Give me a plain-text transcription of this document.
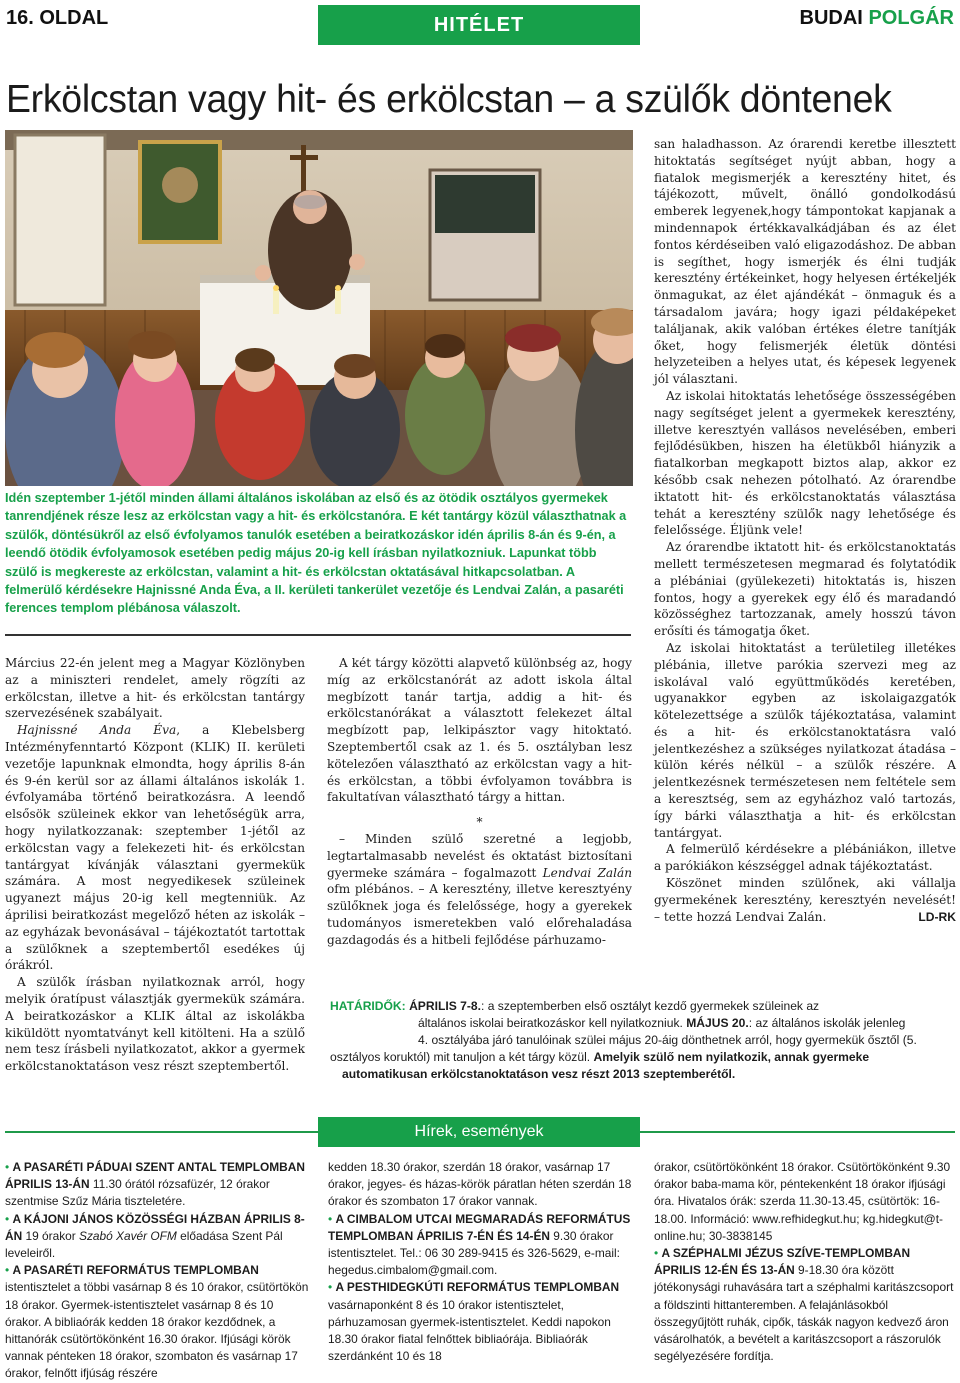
16. OLDAL	HITÉLET	BUDAI POLGÁR
Erkölcstan vagy hit- és erkölcstan – a szülők döntenek
Idén szeptember 1-jétől minden állami általános iskolában az első és az ötödik osztályos gyermekek tanrendjének része lesz az erkölcstan vagy a hit- és erkölcstanóra. E két tantárgy közül választhatnak a szülők, döntésükről az első évfolyamos tanulók esetében a beiratkozáskor idén április 8-án és 9-én, a leendő ötödik évfolyamosok esetében pedig május 20-ig kell írásban nyilatkozniuk. Lapunkat több szülő is megkereste az erkölcstan, valamint a hit- és erkölcstan oktatásával hitkapcsolatban. A felmerülő kérdésekre Hajnissné Anda Éva, a II. kerületi tankerület vezetője és Lendvai Zalán, a pasaréti ferences templom plébánosa válaszolt.

Március 22-én jelent meg a Magyar Közlönyben az a miniszteri rendelet, amely rögzíti az erkölcstan, illetve a hit- és erkölcstan tantárgy szervezésének szabályait.

Hajnissné Anda Éva, a Klebelsberg Intézményfenntartó Központ (KLIK) II. kerületi vezetője lapunknak elmondta, hogy április 8-án és 9-én kerül sor az állami általános iskolák 1. évfolyamába történő beiratkozásra. A leendő elsősök szüleinek ekkor van lehetőségük arra, hogy nyilatkozzanak: szeptember 1-jétől az erkölcstan vagy a felekezeti hit- és erkölcstan tantárgyat kívánják választani gyermekük számára. A most negyedikesek szüleinek ugyanezt május 20-ig kell megtenniük. Az áprilisi beiratkozást megelőző héten az iskolák – az egyházak bevonásával – tájékoztatót tartottak a szülőknek a szeptembertől esedékes új órákról.

A szülők írásban nyilatkoznak arról, hogy melyik óratípust választják gyermekük számára. A beiratkozáskor a KLIK által az iskolákba kiküldött nyomtatványt kell kitölteni. Ha a szülő nem tesz írásbeli nyilatkozatot, akkor a gyermek erkölcstanoktatáson vesz részt szeptembertől.

A két tárgy közötti alapvető különbség az, hogy míg az erkölcstanórát az adott iskola által megbízott tanár tartja, addig a hit- és erkölcstanórákat a választott felekezet által megbízott pap, lelkipásztor vagy hitoktató. Szeptembertől csak az 1. és 5. osztályban lesz kötelezően választható az erkölcstan vagy a hit- és erkölcstan, a többi évfolyamon továbbra is fakultatívan választható tárgy a hittan.

*

– Minden szülő szeretné a legjobb, legtartalmasabb nevelést és oktatást biztosítani gyermeke számára – fogalmazott Lendvai Zalán ofm plébános. – A keresztény, illetve keresztyény szülőknek joga és felelőssége, hogy a gyerekek tudományos ismeretekben való előrehaladása gazdagodás és a hitbeli fejlődése párhuzamo-

san haladhasson. Az órarendi keretbe illesztett hitoktatás segítséget nyújt abban, hogy a fiatalok megismerjék a keresztény hitet, és tájékozott, művelt, önálló gondolkodású emberek legyenek,hogy támpontokat kapjanak a mindennapok értékkavalkádjában és az élet fontos kérdéseiben való eligazodáshoz. De abban is segíthet, hogy ismerjék és élni tudják keresztény értékeinket, hogy helyesen értékeljék önmagukat, az élet ajándékát – önmaguk és a társadalom javára; hogy igazi példaképeket találjanak, akik valóban értékes életre tanítják őket, hogy felismerjék életük döntési helyzeteiben a helyes utat, és képesek legyenek jól választani.

Az iskolai hitoktatás lehetősége összességében nagy segítséget jelent a gyermekek keresztény, illetve keresztyén vallásos nevelésében, emberi fejlődésükben, hiszen ha életükből hiányzik a fiatalkorban megkapott biztos alap, akkor ez később csak nehezen pótolható. Az órarendbe iktatott hit- és erkölcstanoktatás választása tehát a keresztény szülők nagy lehetősége és felelőssége. Éljünk vele!

Az órarendbe iktatott hit- és erkölcstanoktatás mellett természetesen megmarad és folytatódik a plébániai (gyülekezeti) hitoktatás is, hiszen fontos, hogy a gyerekek egy élő és maradandó közösséghez tartozzanak, amely hosszú távon erősíti és támogatja őket.

Az iskolai hitoktatást a területileg illetékes plébánia, illetve parókia szervezi meg az iskolával való együttműködés keretében, ugyanakkor egyben az iskolaigazgatók kötelezettsége a szülők tájékoztatása, valamint és a hit- és erkölcstanoktatásra való jelentkezéshez a szükséges nyilatkozat átadása – külön kérés nélkül – a szülők részére. A jelentkezésnek természetesen nem feltétele sem a keresztség, sem az egyházhoz való tartozás, így bárki választhatja a hit- és erkölcstan tantárgyat.

A felmerülő kérdésekre a plébániákon, illetve a parókiákon készséggel adnak tájékoztatást.

Köszönet minden szülőnek, aki vállalja gyermekének keresztény, keresztyén nevelését! – tette hozzá Lendvai Zalán.	LD-RK

HATÁRIDŐK: ÁPRILIS 7-8.: a szeptemberben első osztályt kezdő gyermekek szüleinek az
általános iskolai beiratkozáskor kell nyilatkozniuk. MÁJUS 20.: az általános iskolák jelenleg
4. osztályába járó tanulóinak szülei május 20-áig dönthetnek arról, hogy gyermekük ősztől (5.
osztályos koruktól) mit tanuljon a két tárgy közül. Amelyik szülő nem nyilatkozik, annak gyermeke
automatikusan erkölcstanoktatáson vesz részt 2013 szeptemberétől.
Hírek, események

• A PASARÉTI PÁDUAI SZENT ANTAL TEMPLOMBAN ÁPRILIS 13-ÁN 11.30 órától rózsafüzér, 12 órakor szentmise Szűz Mária tiszteletére.

• A KÁJONI JÁNOS KÖZÖSSÉGI HÁZBAN ÁPRILIS 8-ÁN 19 órakor Szabó Xavér OFM előadása Szent Pál leveleiről.

• A PASARÉTI REFORMÁTUS TEMPLOMBAN istentisztelet a többi vasárnap 8 és 10 órakor, csütörtökön 18 órakor. Gyermek-istentisztelet vasárnap 8 és 10 órakor. A bibliaórák kedden 18 órakor kezdődnek, a hittanórák csütörtökönként 16.30 órakor. Ifjúsági körök vannak pénteken 18 órakor, szombaton és vasárnap 17 órakor, felnőtt ifjúság részére

kedden 18.30 órakor, szerdán 18 órakor, vasárnap 17 órakor, jegyes- és házas-körök páratlan héten szerdán 18 órakor és szombaton 17 órakor vannak.

• A CIMBALOM UTCAI MEGMARADÁS REFORMÁTUS TEMPLOMBAN ÁPRILIS 7-ÉN ÉS 14-ÉN 9.30 órakor istentisztelet. Tel.: 06 30 289-9415 és 326-5629, e-mail: hegedus.cimbalom@gmail.com.

• A PESTHIDEGKÚTI REFORMÁTUS TEMPLOMBAN vasárnaponként 8 és 10 órakor istentisztelet, párhuzamosan gyermek-istentisztelet. Keddi napokon 18.30 órakor fiatal felnőttek bibliaórája. Bibliaórák szerdánként 10 és 18

órakor, csütörtökönként 18 órakor. Csütörtökönként 9.30 órakor baba-mama kör, péntekenként 18 órakor ifjúsági óra. Hivatalos órák: szerda 11.30-13.45, csütörtök: 16-18.00. Információ: www.refhidegkut.hu; kg.hidegkut@t-online.hu; 30-3838145

• A SZÉPHALMI JÉZUS SZÍVE-TEMPLOMBAN ÁPRILIS 12-ÉN ÉS 13-ÁN 9-18.30 óra között jótékonysági ruhavására tart a széphalmi karitászcsoport a földszinti hittanteremben. A felajánlásokból összegyűjtött ruhák, cipők, táskák nagyon kedvező áron vásárolhatók, a bevételt a karitászcsoport a rászorulók segélyezésére fordítja.
